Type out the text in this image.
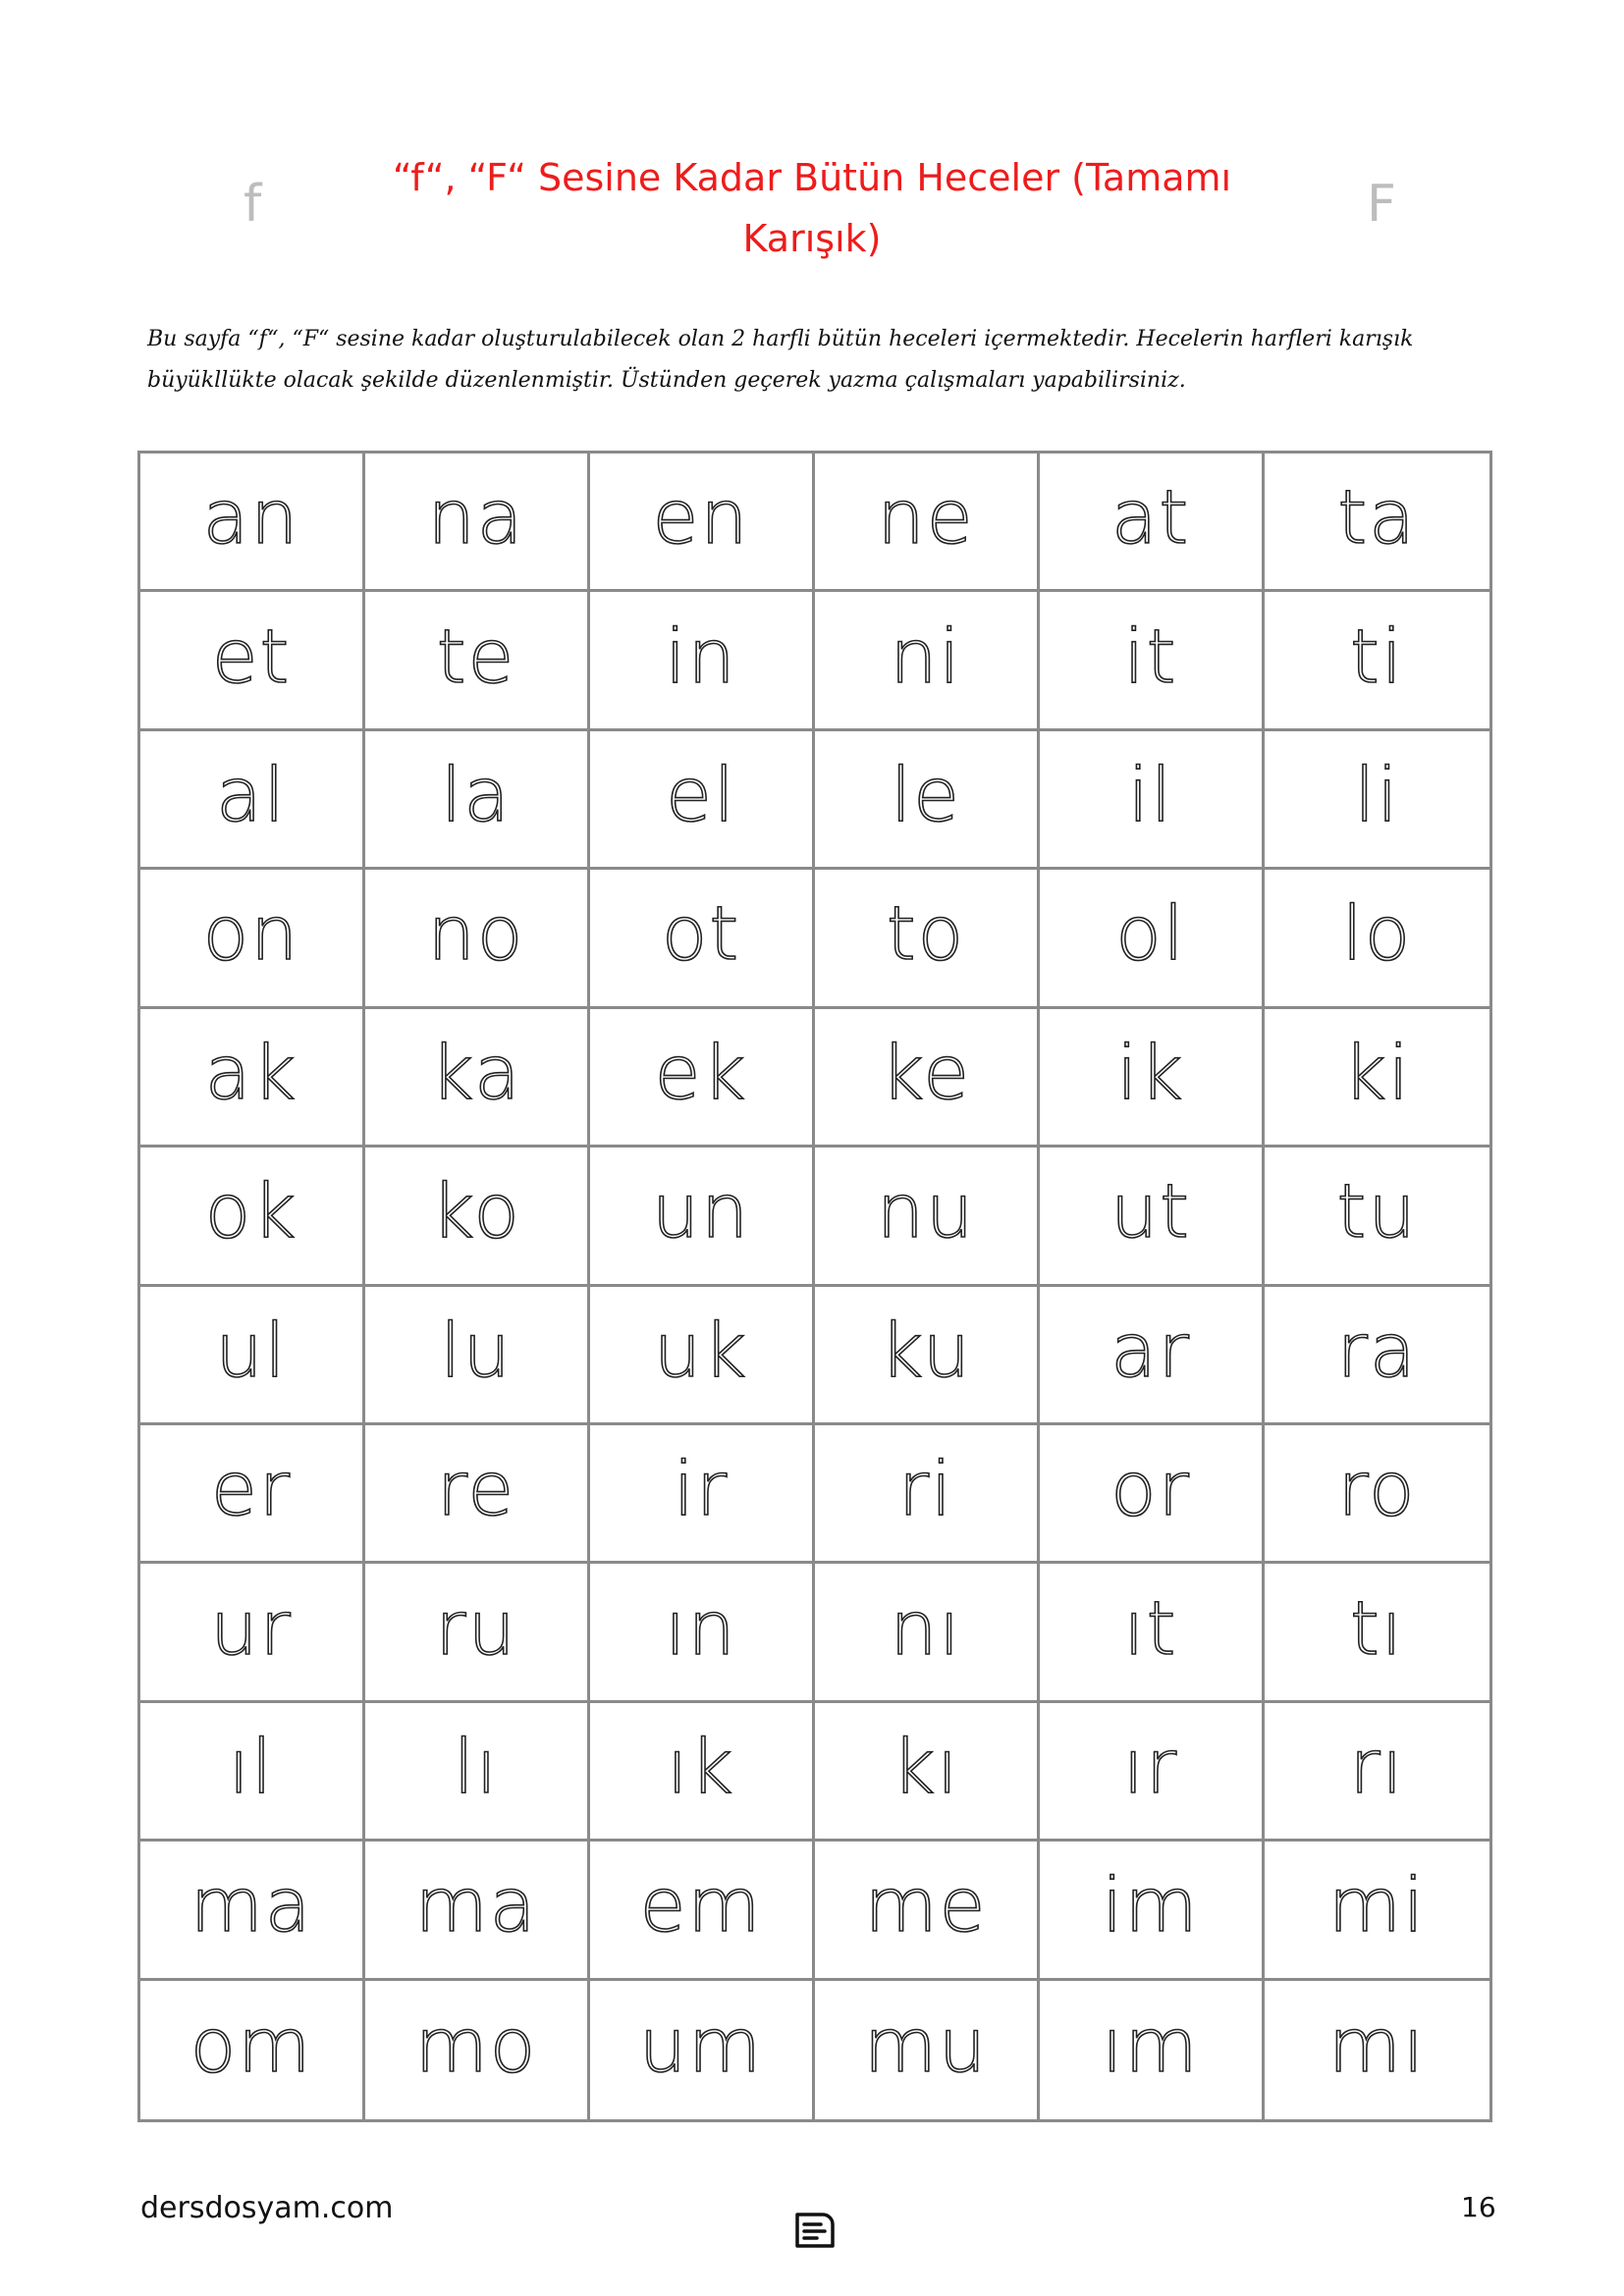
f	F
“f“, “F“ Sesine Kadar Bütün Heceler (Tamamı
Karışık)
Bu sayfa “f“, “F“ sesine kadar oluşturulabilecek olan 2 harfli bütün heceleri içermektedir. Hecelerin harfleri karışık büyükllükte olacak şekilde düzenlenmiştir. Üstünden geçerek yazma çalışmaları yapabilirsiniz.
an na en ne at ta
et te in ni it ti
al la el le il li
on no ot to ol lo
ak ka ek ke ik ki
ok ko un nu ut tu
ul lu uk ku ar ra
er re ir ri or ro
ur ru ın nı ıt tı
ıl lı ık kı ır rı
ma ma em me im mi
om mo um mu ım mı
dersdosyam.com	16
